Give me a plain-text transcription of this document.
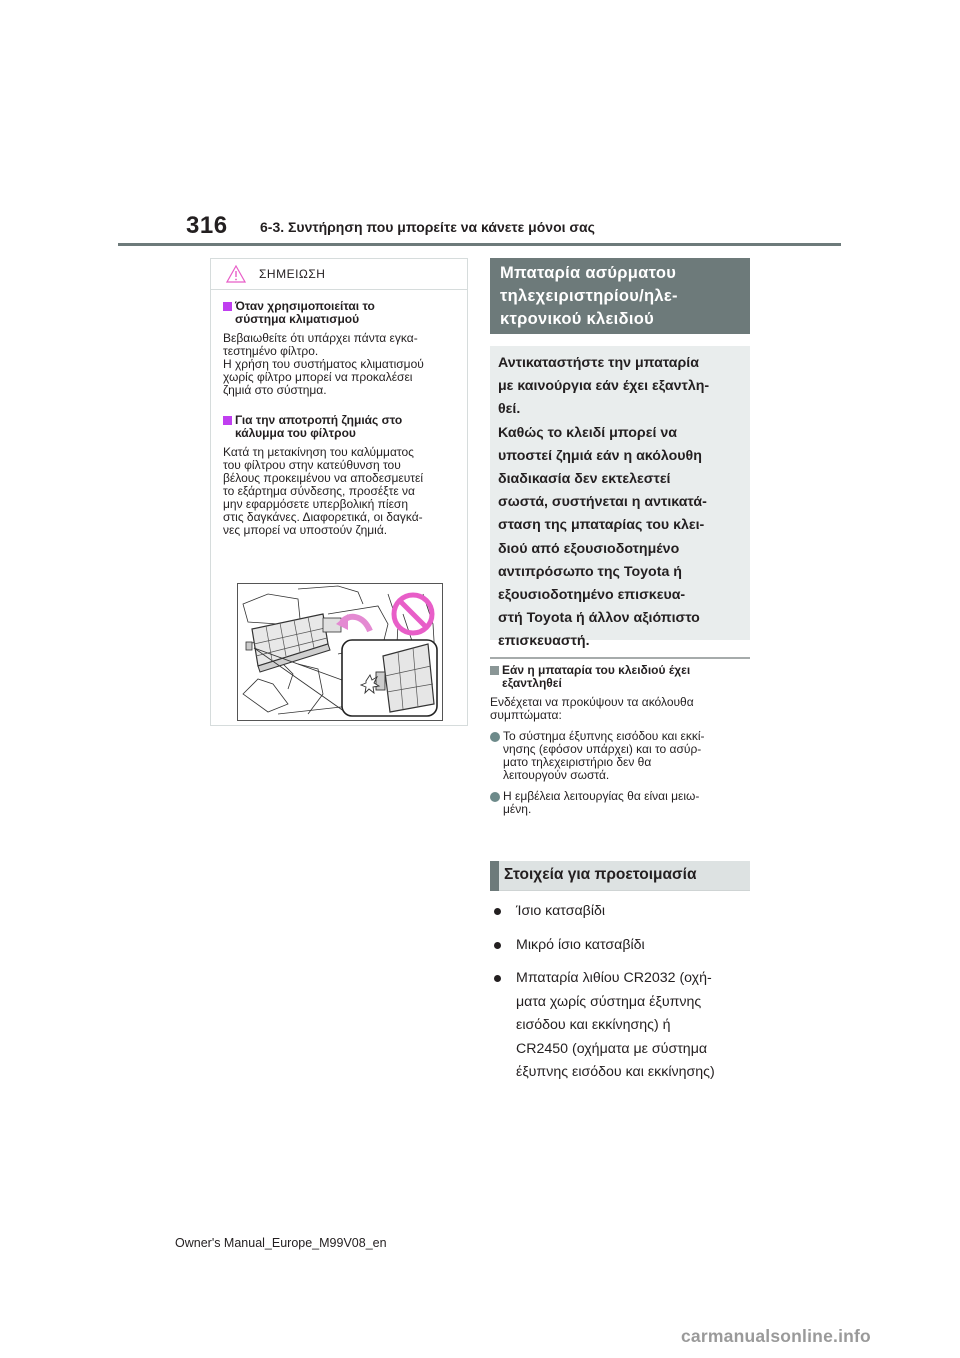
316 6-3. Συντήρηση που μπορείτε να κάνετε μόνοι σας
ΣΗΜΕΙΩΣΗ
Όταν χρησιμοποιείται το
σύστημα κλιματισμού
Βεβαιωθείτε ότι υπάρχει πάντα εγκα-
τεστημένο φίλτρο.
Η χρήση του συστήματος κλιματισμού
χωρίς φίλτρο μπορεί να προκαλέσει
ζημιά στο σύστημα.
Για την αποτροπή ζημιάς στο
κάλυμμα του φίλτρου
Κατά τη μετακίνηση του καλύμματος
του φίλτρου στην κατεύθυνση του
βέλους προκειμένου να αποδεσμευτεί
το εξάρτημα σύνδεσης, προσέξτε να
μην εφαρμόσετε υπερβολική πίεση
στις δαγκάνες. Διαφορετικά, οι δαγκά-
νες μπορεί να υποστούν ζημιά.
Μπαταρία ασύρματου
τηλεχειριστηρίου/ηλε-
κτρονικού κλειδιού
Αντικαταστήστε την μπαταρία
με καινούργια εάν έχει εξαντλη-
θεί.
Καθώς το κλειδί μπορεί να
υποστεί ζημιά εάν η ακόλουθη
διαδικασία δεν εκτελεστεί
σωστά, συστήνεται η αντικατά-
σταση της μπαταρίας του κλει-
διού από εξουσιοδοτημένο
αντιπρόσωπο της Toyota ή
εξουσιοδοτημένο επισκευα-
στή Toyota ή άλλον αξιόπιστο
επισκευαστή.
Εάν η μπαταρία του κλειδιού έχει
εξαντληθεί
Ενδέχεται να προκύψουν τα ακόλουθα
συμπτώματα:
Το σύστημα έξυπνης εισόδου και εκκί-
νησης (εφόσον υπάρχει) και το ασύρ-
ματο τηλεχειριστήριο δεν θα
λειτουργούν σωστά.
Η εμβέλεια λειτουργίας θα είναι μειω-
μένη.
Στοιχεία για προετοιμασία
Ίσιο κατσαβίδι
Μικρό ίσιο κατσαβίδι
Μπαταρία λιθίου CR2032 (οχή-
ματα χωρίς σύστημα έξυπνης
εισόδου και εκκίνησης) ή
CR2450 (οχήματα με σύστημα
έξυπνης εισόδου και εκκίνησης)
Owner's Manual_Europe_M99V08_en
carmanualsonline.info
